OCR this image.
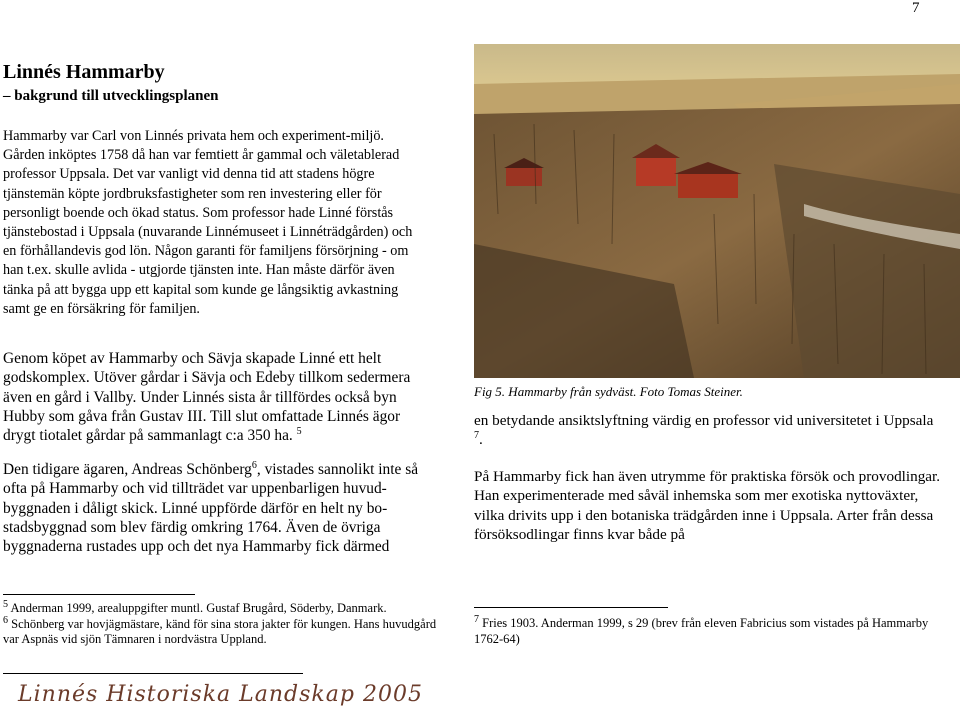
7
Linnés Hammarby
– bakgrund till utvecklingsplanen

Hammarby var Carl von Linnés privata hem och experiment-miljö. Gården inköptes 1758 då han var femtiett år gammal och väletablerad professor Uppsala. Det var vanligt vid denna tid att stadens högre tjänstemän köpte jordbruksfastigheter som ren investering eller för personligt boende och ökad status. Som professor hade Linné förstås tjänstebostad i Uppsala (nuvarande Linnémuseet i Linnéträdgården) och en förhållandevis god lön. Någon garanti för familjens försörjning - om han t.ex. skulle avlida - utgjorde tjänsten inte. Han måste därför även tänka på att bygga upp ett kapital som kunde ge långsiktig avkastning samt ge en försäkring för familjen.

Genom köpet av Hammarby och Sävja skapade Linné ett helt godskomplex. Utöver gårdar i Sävja och Edeby tillkom sedermera även en gård i Vallby. Under Linnés sista år tillfördes också byn Hubby som gåva från Gustav III. Till slut omfattade Linnés ägor drygt tiotalet gårdar på sammanlagt c:a 350 ha. $^5$

Den tidigare ägaren, Andreas Schönberg$^6$, vistades sannolikt inte så ofta på Hammarby och vid tillträdet var uppenbarligen huvud-byggnaden i dåligt skick. Linné uppförde därför en helt ny bo-stadsbyggnad som blev färdig omkring 1764. Även de övriga byggnaderna rustades upp och det nya Hammarby fick därmed

Fig 5. Hammarby från sydväst. Foto Tomas Steiner.

en betydande ansiktslyftning värdig en professor vid universitetet i Uppsala $^7$.

På Hammarby fick han även utrymme för praktiska försök och provodlingar. Han experimenterade med såväl inhemska som mer exotiska nyttoväxter, vilka drivits upp i den botaniska trädgården inne i Uppsala. Arter från dessa försöksodlingar finns kvar både på

$^5$ Anderman 1999, arealuppgifter muntl. Gustaf Brugård, Söderby, Danmark.
$^6$ Schönberg var hovjägmästare, känd för sina stora jakter för kungen. Hans huvudgård var Aspnäs vid sjön Tämnaren i nordvästra Uppland.
$^7$ Fries 1903. Anderman 1999, s 29 (brev från eleven Fabricius som vistades på Hammarby 1762-64)
Linnés Historiska Landskap 2005
